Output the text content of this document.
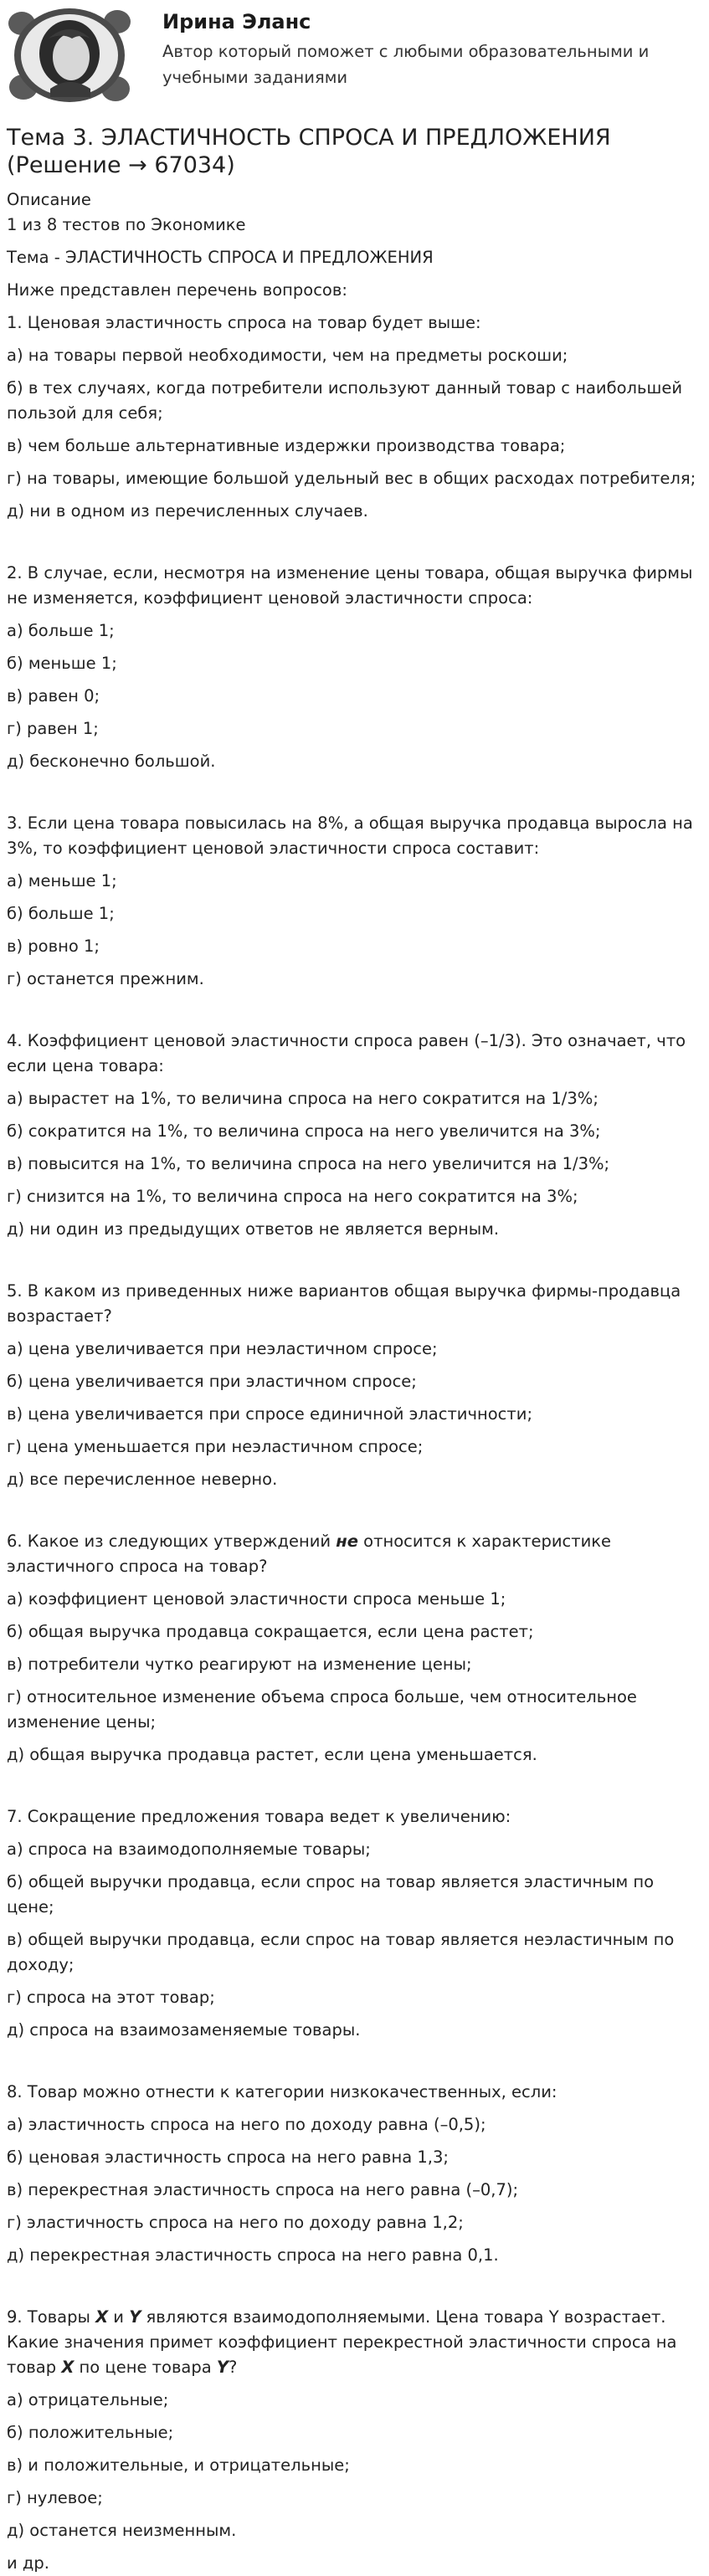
Ирина Эланс
Автор который поможет с любыми образовательными и учебными заданиями
Тема 3. ЭЛАСТИЧНОСТЬ СПРОСА И ПРЕДЛОЖЕНИЯ (Решение → 67034)
Описание
1 из 8 тестов по Экономике
Тема - ЭЛАСТИЧНОСТЬ СПРОСА И ПРЕДЛОЖЕНИЯ
Ниже представлен перечень вопросов:
1. Ценовая эластичность спроса на товар будет выше:
а) на товары первой необходимости, чем на предметы роскоши;
б) в тех случаях, когда потребители используют данный товар с наибольшей пользой для себя;
в) чем больше альтернативные издержки производства товара;
г) на товары, имеющие большой удельный вес в общих расходах потребителя;
д) ни в одном из перечисленных случаев.
2. В случае, если, несмотря на изменение цены товара, общая выручка фирмы не изменяется, коэффициент ценовой эластичности спроса:
а) больше 1;
б) меньше 1;
в) равен 0;
г) равен 1;
д) бесконечно большой.
3. Если цена товара повысилась на 8%, а общая выручка продавца выросла на 3%, то коэффициент ценовой эластичности спроса составит:
а) меньше 1;
б) больше 1;
в) ровно 1;
г) останется прежним.
4. Коэффициент ценовой эластичности спроса равен (–1/3). Это означает, что если цена товара:
а) вырастет на 1%, то величина спроса на него сократится на 1/3%;
б) сократится на 1%, то величина спроса на него увеличится на 3%;
в) повысится на 1%, то величина спроса на него увеличится на 1/3%;
г) снизится на 1%, то величина спроса на него сократится на 3%;
д) ни один из предыдущих ответов не является верным.
5. В каком из приведенных ниже вариантов общая выручка фирмы-продавца возрастает?
а) цена увеличивается при неэластичном спросе;
б) цена увеличивается при эластичном спросе;
в) цена увеличивается при спросе единичной эластичности;
г) цена уменьшается при неэластичном спросе;
д) все перечисленное неверно.
6. Какое из следующих утверждений не относится к характеристике эластичного спроса на товар?
а) коэффициент ценовой эластичности спроса меньше 1;
б) общая выручка продавца сокращается, если цена растет;
в) потребители чутко реагируют на изменение цены;
г) относительное изменение объема спроса больше, чем относительное изменение цены;
д) общая выручка продавца растет, если цена уменьшается.
7. Сокращение предложения товара ведет к увеличению:
а) спроса на взаимодополняемые товары;
б) общей выручки продавца, если спрос на товар является эластичным по цене;
в) общей выручки продавца, если спрос на товар является неэластичным по доходу;
г) спроса на этот товар;
д) спроса на взаимозаменяемые товары.
8. Товар можно отнести к категории низкокачественных, если:
а) эластичность спроса на него по доходу равна (–0,5);
б) ценовая эластичность спроса на него равна 1,3;
в) перекрестная эластичность спроса на него равна (–0,7);
г) эластичность спроса на него по доходу равна 1,2;
д) перекрестная эластичность спроса на него равна 0,1.
9. Товары X и Y являются взаимодополняемыми. Цена товара Y возрастает. Какие значения примет коэффициент перекрестной эластичности спроса на товар X по цене товара Y?
а) отрицательные;
б) положительные;
в) и положительные, и отрицательные;
г) нулевое;
д) останется неизменным.
и др.
